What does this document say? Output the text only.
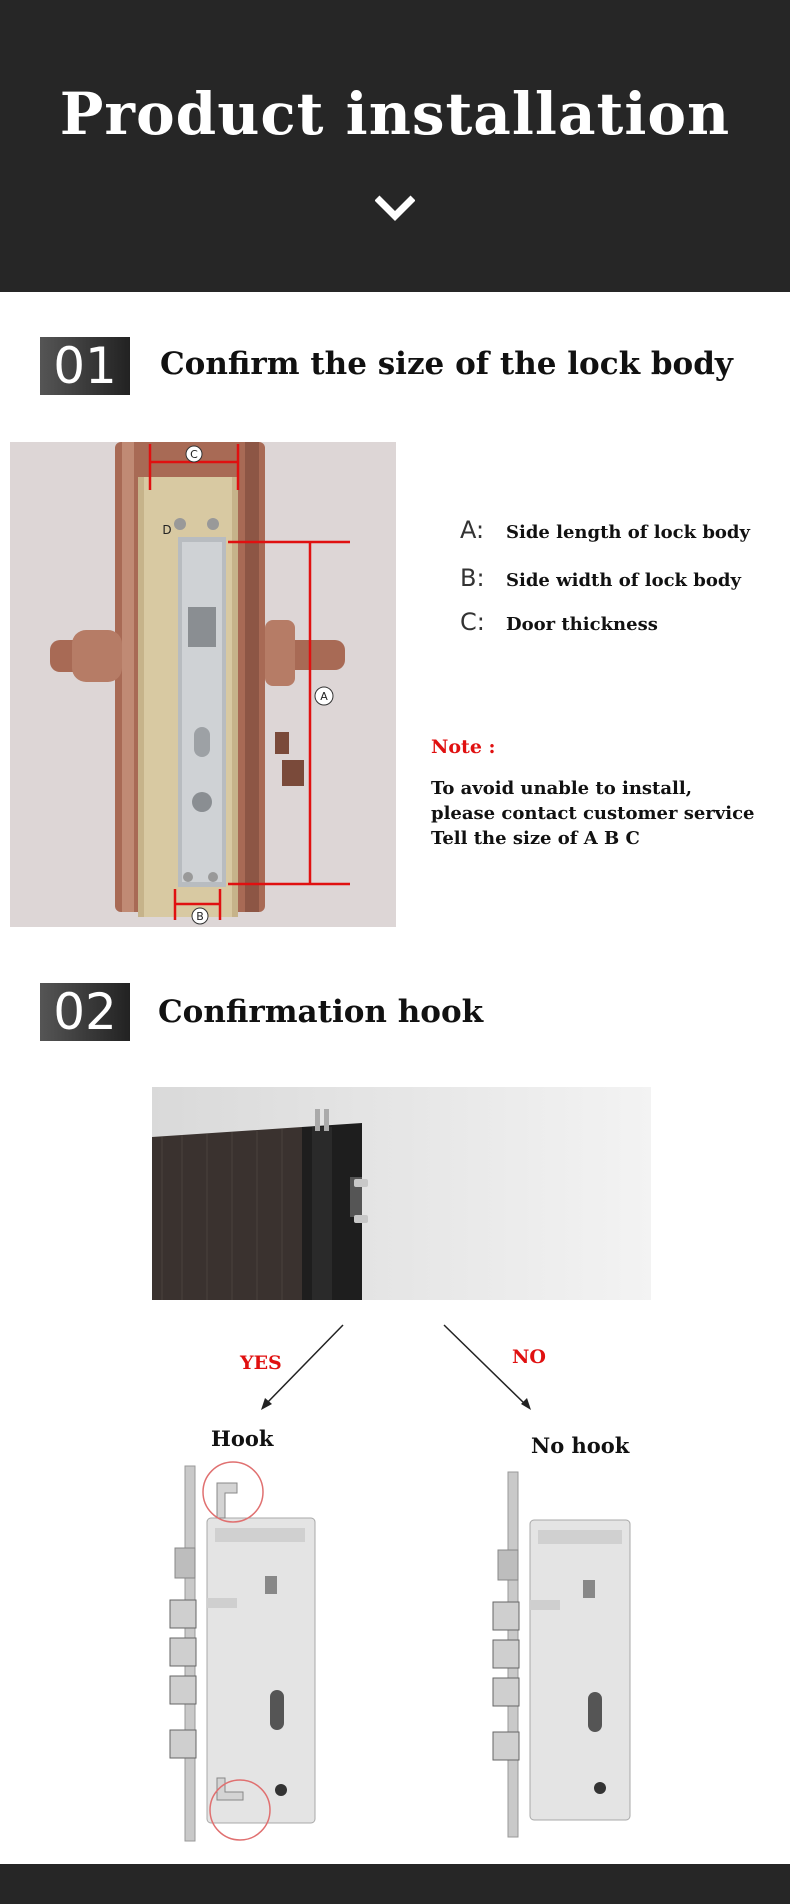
Product installation
01	Confirm the size of the lock body
C
D
A
B
A: Side length of lock body
B: Side width of lock body
C: Door thickness
Note :
To avoid unable to install,
please contact customer service
Tell the size of A B C
02	Confirmation hook
YES	NO
Hook	No hook
